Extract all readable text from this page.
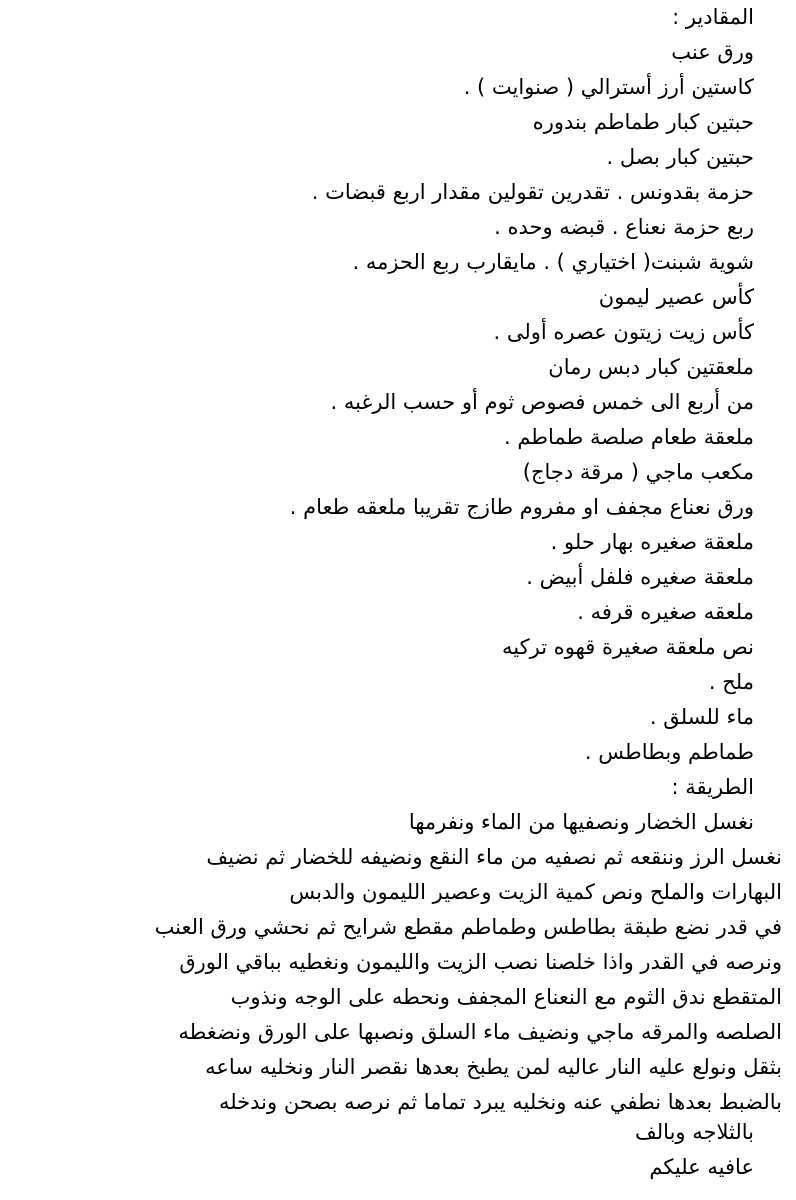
المقادير :
ورق عنب
كاستين أرز أسترالي ( صنوايت ) .
حبتين كبار طماطم بندوره
حبتين كبار بصل .
حزمة بقدونس . تقدرين تقولين مقدار اربع قبضات .
ربع حزمة نعناع . قبضه وحده .
شوية شبنت( اختياري ) . مايقارب ربع الحزمه .
كأس عصير ليمون
كأس زيت زيتون عصره أولى .
ملعقتين كبار دبس رمان
من أربع الى خمس فصوص ثوم أو حسب الرغبه .
ملعقة طعام صلصة طماطم .
مكعب ماجي ( مرقة دجاج)
ورق نعناع مجفف او مفروم طازج تقريبا ملعقه طعام .
ملعقة صغيره بهار حلو .
ملعقة صغيره فلفل أبيض .
ملعقه صغيره قرفه .
نص ملعقة صغيرة قهوه تركيه
ملح .
ماء للسلق .
طماطم وبطاطس .
الطريقة :
نغسل الخضار ونصفيها من الماء ونفرمها
نغسل الرز وننقعه ثم نصفيه من ماء النقع ونضيفه للخضار ثم نضيف
البهارات والملح ونص كمية الزيت وعصير الليمون والدبس
في قدر نضع طبقة بطاطس وطماطم مقطع شرايح ثم نحشي ورق العنب
ونرصه في القدر واذا خلصنا نصب الزيت والليمون ونغطيه بباقي الورق
المتقطع ندق الثوم مع النعناع المجفف ونحطه على الوجه ونذوب
الصلصه والمرقه ماجي ونضيف ماء السلق ونصبها على الورق ونضغطه
بثقل ونولع عليه النار عاليه لمن يطبخ بعدها نقصر النار ونخليه ساعه
بالضبط بعدها نطفي عنه ونخليه يبرد تماما ثم نرصه بصحن وندخله
بالثلاجه وبالف
عافيه عليكم
